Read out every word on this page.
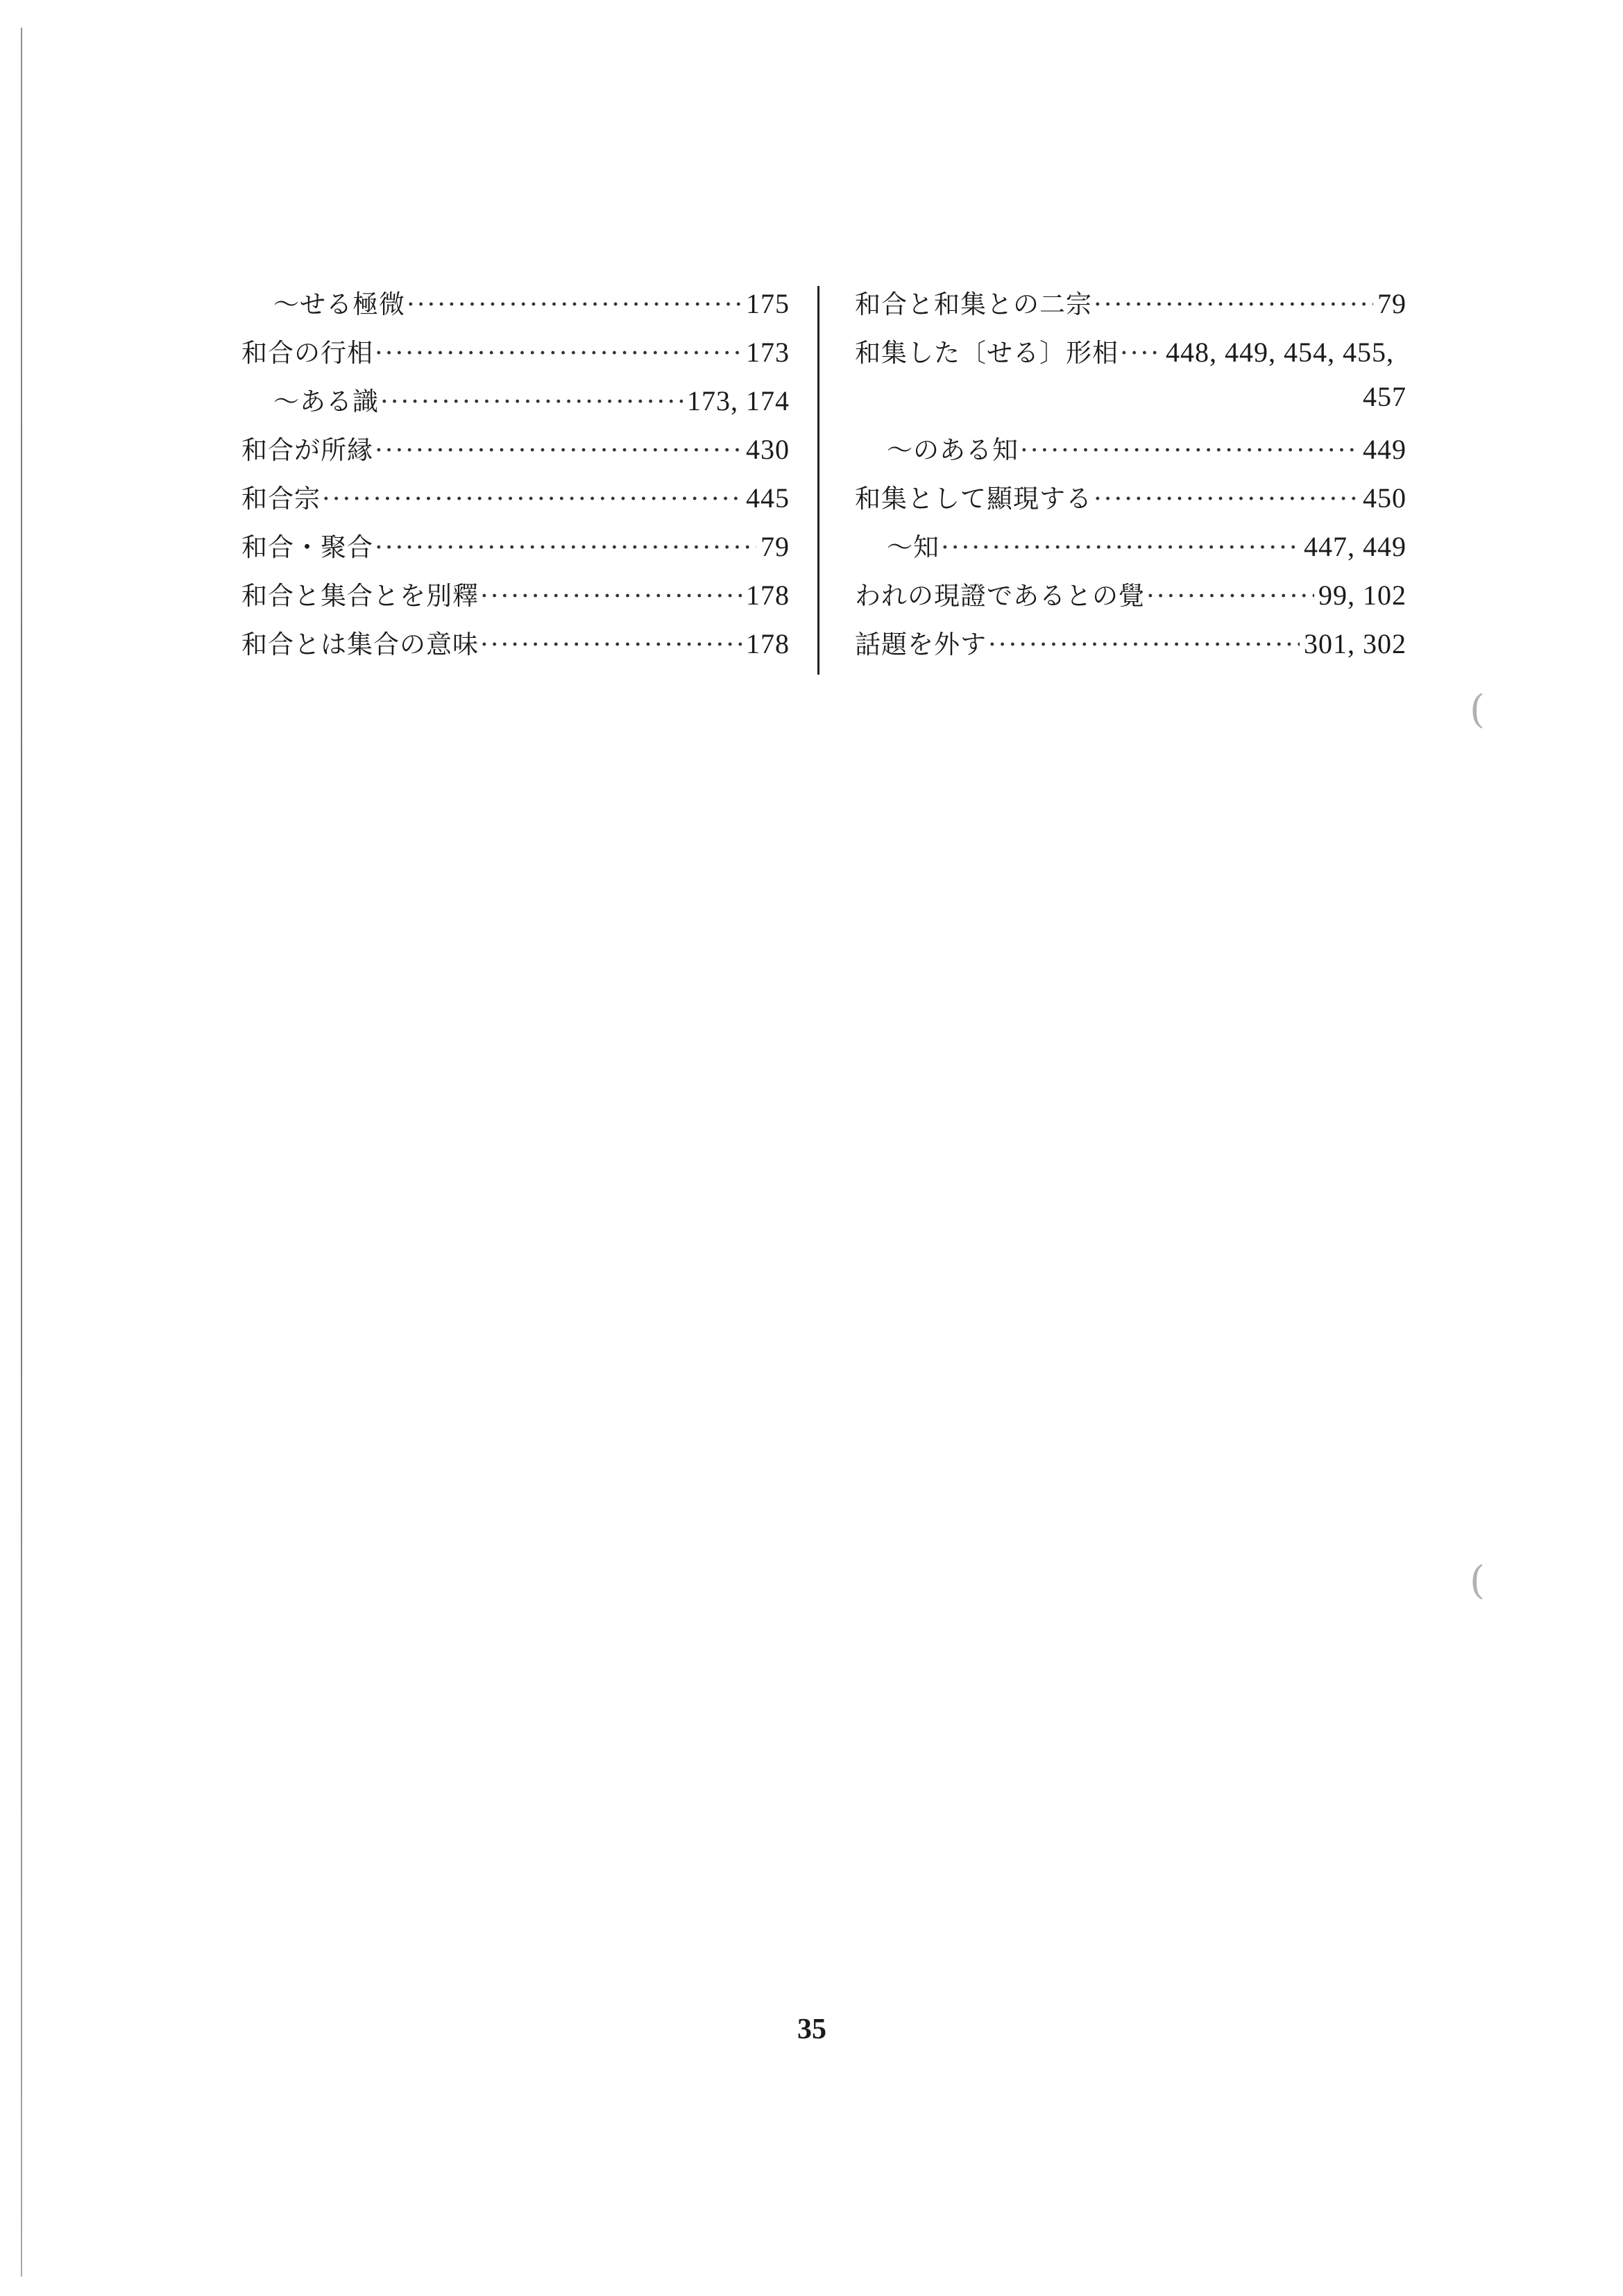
〜せる極微 ·····	175
和合の行相 ·····	173
〜ある識 ·····	173, 174
和合が所縁 ·····	430
和合宗 ·····	445
和合・聚合 ·····	79
和合と集合とを別釋 ·····	178
和合とは集合の意味 ·····	178
和合と和集との二宗 ·····	79
和集した〔せる〕形相 ····· 448, 449, 454, 455,
457
〜のある知 ·····	449
和集として顯現する ·····	450
〜知 ·····	447, 449
われの現證であるとの覺 ·····	99, 102
話題を外す ·····	301, 302
(
(
35
